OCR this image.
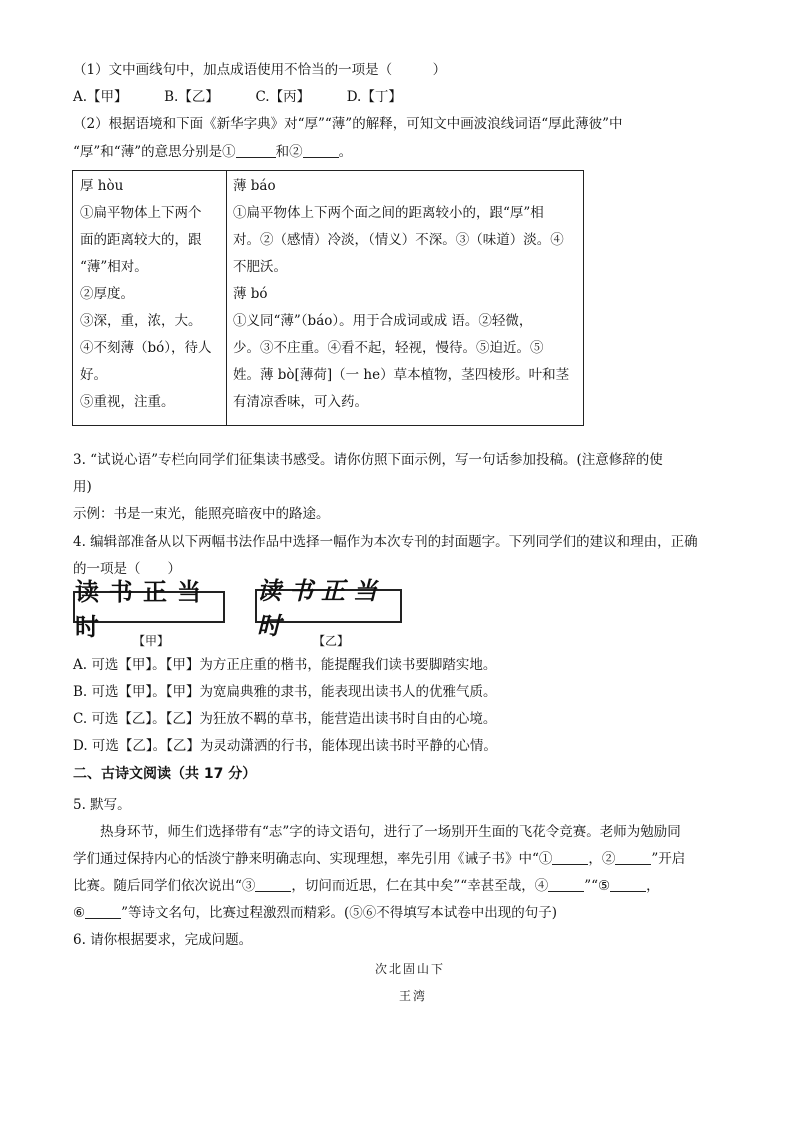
（1）文中画线句中，加点成语使用不恰当的一项是（　　　）
A.【甲】	B.【乙】	C.【丙】	D.【丁】
（2）根据语境和下面《新华字典》对“厚”“薄”的解释，可知文中画波浪线词语“厚此薄彼”中
“厚”和“薄”的意思分别是①	和②	。
厚 hòu
①扁平物体上下两个
面的距离较大的，跟
“薄”相对。
②厚度。
③深，重，浓，大。
④不刻薄（bó），待人
好。
⑤重视，注重。
薄 báo
①扁平物体上下两个面之间的距离较小的，跟“厚”相
对。②（感情）冷淡，（情义）不深。③（味道）淡。④
不肥沃。
薄 bó
①义同“薄”（báo）。用于合成词或成 语。②轻微，
少。③不庄重。④看不起，轻视，慢待。⑤迫近。⑤
姓。薄 bò[薄荷]（一 he）草本植物，茎四棱形。叶和茎
有清凉香味，可入药。
3. “试说心语”专栏向同学们征集读书感受。请你仿照下面示例，写一句话参加投稿。(注意修辞的使
用)
示例：书是一束光，能照亮暗夜中的路途。
4. 编辑部准备从以下两幅书法作品中选择一幅作为本次专刊的封面题字。下列同学们的建议和理由，正确
的一项是（　　）
读书正当时
读书正当时
【甲】	【乙】
A. 可选【甲】。【甲】为方正庄重的楷书，能提醒我们读书要脚踏实地。
B. 可选【甲】。【甲】为宽扁典雅的隶书，能表现出读书人的优雅气质。
C. 可选【乙】。【乙】为狂放不羁的草书，能营造出读书时自由的心境。
D. 可选【乙】。【乙】为灵动潇洒的行书，能体现出读书时平静的心情。
二、古诗文阅读（共 17 分）
5. 默写。
热身环节，师生们选择带有“志”字的诗文语句，进行了一场别开生面的飞花令竞赛。老师为勉励同
学们通过保持内心的恬淡宁静来明确志向、实现理想，率先引用《诫子书》中“①	，②	”开启
比赛。随后同学们依次说出“③	，切问而近思，仁在其中矣”“幸甚至哉，④	”“⑤	，
⑥	”等诗文名句，比赛过程激烈而精彩。(⑤⑥不得填写本试卷中出现的句子)
6. 请你根据要求，完成问题。
次北固山下
王湾
